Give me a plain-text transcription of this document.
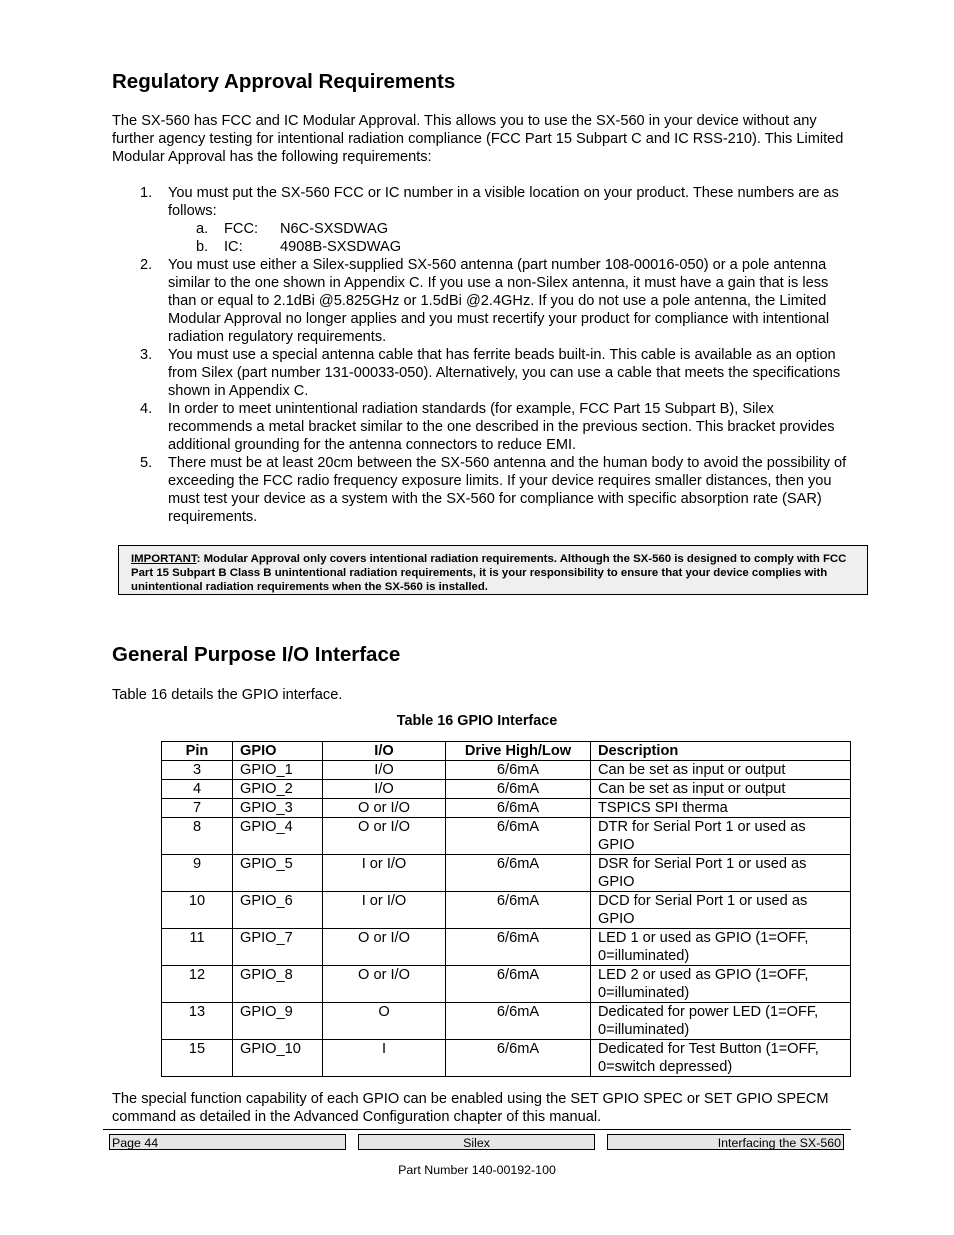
Regulatory Approval Requirements

The SX-560 has FCC and IC Modular Approval. This allows you to use the SX-560 in your device without any further agency testing for intentional radiation compliance (FCC Part 15 Subpart C and IC RSS-210). This Limited Modular Approval has the following requirements:

1. You must put the SX-560 FCC or IC number in a visible location on your product. These numbers are as follows:
a. FCC: N6C-SXSDWAG
b. IC:	4908B-SXSDWAG
2. You must use either a Silex-supplied SX-560 antenna (part number 108-00016-050) or a pole antenna similar to the one shown in Appendix C. If you use a non-Silex antenna, it must have a gain that is less than or equal to 2.1dBi @5.825GHz or 1.5dBi @2.4GHz. If you do not use a pole antenna, the Limited Modular Approval no longer applies and you must recertify your product for compliance with intentional radiation regulatory requirements.
3. You must use a special antenna cable that has ferrite beads built-in. This cable is available as an option from Silex (part number 131-00033-050). Alternatively, you can use a cable that meets the specifications shown in Appendix C.
4. In order to meet unintentional radiation standards (for example, FCC Part 15 Subpart B), Silex recommends a metal bracket similar to the one described in the previous section. This bracket provides additional grounding for the antenna connectors to reduce EMI.
5. There must be at least 20cm between the SX-560 antenna and the human body to avoid the possibility of exceeding the FCC radio frequency exposure limits. If your device requires smaller distances, then you must test your device as a system with the SX-560 for compliance with specific absorption rate (SAR) requirements.
IMPORTANT: Modular Approval only covers intentional radiation requirements. Although the SX-560 is designed to comply with FCC Part 15 Subpart B Class B unintentional radiation requirements, it is your responsibility to ensure that your device complies with unintentional radiation requirements when the SX-560 is installed.
General Purpose I/O Interface

Table 16 details the GPIO interface.

Table 16 GPIO Interface
Pin	GPIO	I/O	Drive High/Low	Description
3	GPIO_1	I/O	6/6mA	Can be set as input or output
4	GPIO_2	I/O	6/6mA	Can be set as input or output
7	GPIO_3	O or I/O	6/6mA	TSPICS SPI therma
8	GPIO_4	O or I/O	6/6mA	DTR for Serial Port 1 or used as GPIO
9	GPIO_5	I or I/O	6/6mA	DSR for Serial Port 1 or used as GPIO
10	GPIO_6	I or I/O	6/6mA	DCD for Serial Port 1 or used as GPIO
11	GPIO_7	O or I/O	6/6mA	LED 1 or used as GPIO (1=OFF, 0=illuminated)
12	GPIO_8	O or I/O	6/6mA	LED 2 or used as GPIO (1=OFF, 0=illuminated)
13	GPIO_9	O	6/6mA	Dedicated for power LED (1=OFF, 0=illuminated)
15	GPIO_10	I	6/6mA	Dedicated for Test Button (1=OFF, 0=switch depressed)

The special function capability of each GPIO can be enabled using the SET GPIO SPEC or SET GPIO SPECM command as detailed in the Advanced Configuration chapter of this manual.

Page 44	Silex	Interfacing the SX-560
Part Number 140-00192-100
